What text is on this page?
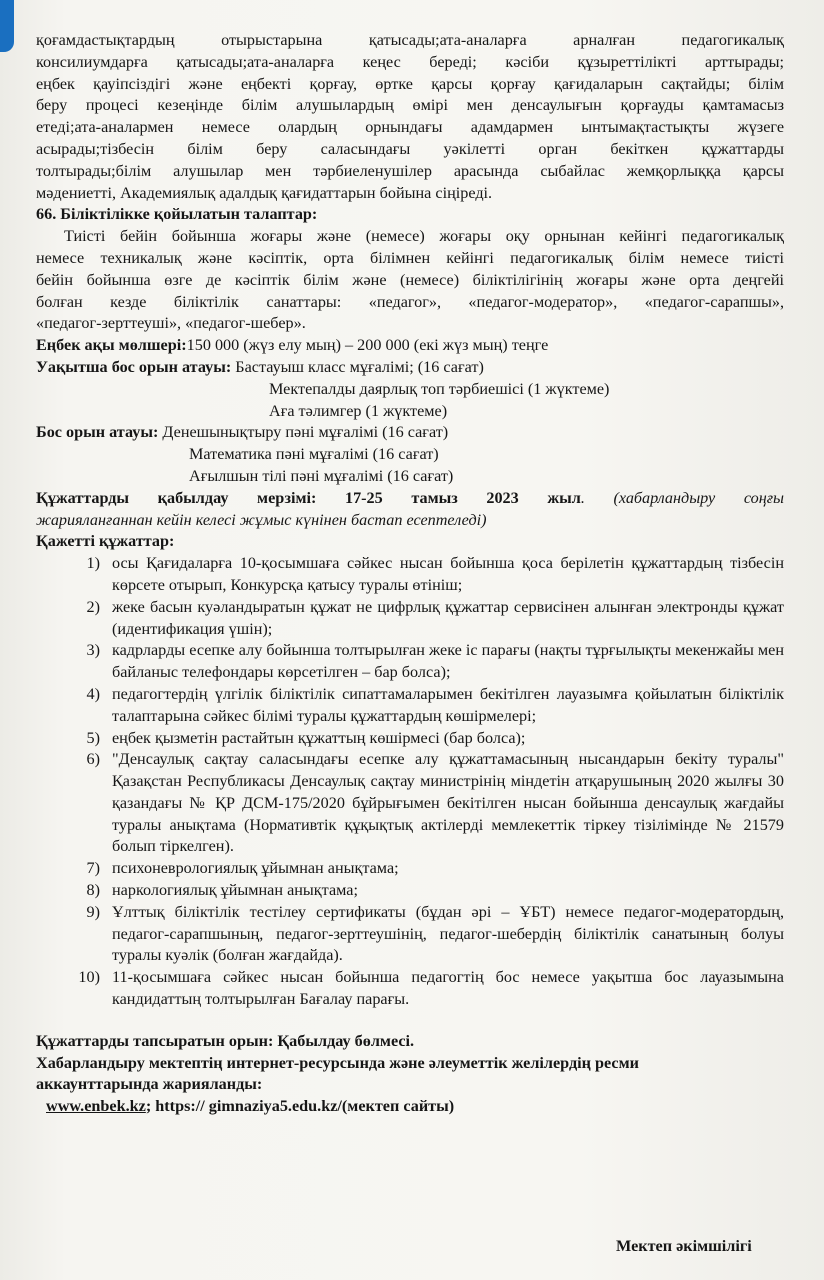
қоғамдастықтардың отырыстарына қатысады;ата-аналарға арналған педагогикалық

консилиумдарға қатысады;ата-аналарға кеңес береді; кәсіби құзыреттілікті арттырады;

еңбек қауіпсіздігі және еңбекті қорғау, өртке қарсы қорғау қағидаларын сақтайды; білім

беру процесі кезеңінде білім алушылардың өмірі мен денсаулығын қорғауды қамтамасыз

етеді;ата-аналармен немесе олардың орнындағы адамдармен ынтымақтастықты жүзеге

асырады;тізбесін білім беру саласындағы уәкілетті орган бекіткен құжаттарды

толтырады;білім алушылар мен тәрбиеленушілер арасында сыбайлас жемқорлыққа қарсы

мәдениетті, Академиялық адалдық қағидаттарын бойына сіңіреді.

66. Біліктілікке қойылатын талаптар:

Тиісті бейін бойынша жоғары және (немесе) жоғары оқу орнынан кейінгі педагогикалық

немесе техникалық және кәсіптік, орта білімнен кейінгі педагогикалық білім немесе тиісті

бейін бойынша өзге де кәсіптік білім және (немесе) біліктілігінің жоғары және орта деңгейі

болған кезде біліктілік санаттары: «педагог», «педагог-модератор», «педагог-сарапшы»,

«педагог-зерттеуші», «педагог-шебер».

Еңбек ақы мөлшері: 150 000 (жүз елу мың) – 200 000 (екі жүз мың) теңге

Уақытша бос орын атауы:
Бастауыш класс мұғалімі; (16 сағат)

Мектепалды даярлық топ тәрбиешісі (1 жүктеме)

Аға тәлимгер (1 жүктеме)

Бос орын атауы:
Денешынықтыру пәні мұғалімі (16 сағат)

Математика пәні мұғалімі (16 сағат)

Ағылшын тілі пәні мұғалімі (16 сағат)

Құжаттарды қабылдау мерзімі: 17-25 тамыз 2023 жыл. (хабарландыру соңғы

жарияланғаннан кейін келесі жұмыс күнінен бастап есептеледі)

Қажетті құжаттар:

1) осы Қағидаларға 10-қосымшаға сәйкес нысан бойынша қоса берілетін құжаттардың тізбесін көрсете отырып, Конкурсқа қатысу туралы өтініш;
2) жеке басын куәландыратын құжат не цифрлық құжаттар сервисінен алынған электронды құжат (идентификация үшін);
3) кадрларды есепке алу бойынша толтырылған жеке іс парағы (нақты тұрғылықты мекенжайы мен байланыс телефондары көрсетілген – бар болса);
4) педагогтердің үлгілік біліктілік сипаттамаларымен бекітілген лауазымға қойылатын біліктілік талаптарына сәйкес білімі туралы құжаттардың көшірмелері;
5) еңбек қызметін растайтын құжаттың көшірмесі (бар болса);
6) "Денсаулық сақтау саласындағы есепке алу құжаттамасының нысандарын бекіту туралы" Қазақстан Республикасы Денсаулық сақтау министрінің міндетін атқарушының 2020 жылғы 30 қазандағы № ҚР ДСМ-175/2020 бұйрығымен бекітілген нысан бойынша денсаулық жағдайы туралы анықтама (Нормативтік құқықтық актілерді мемлекеттік тіркеу тізілімінде № 21579 болып тіркелген).
7) психоневрологиялық ұйымнан анықтама;
8) наркологиялық ұйымнан анықтама;
9) Ұлттық біліктілік тестілеу сертификаты (бұдан әрі – ҰБТ) немесе педагог-модератордың, педагог-сарапшының, педагог-зерттеушінің, педагог-шебердің біліктілік санатының болуы туралы куәлік (болған жағдайда).
10) 11-қосымшаға сәйкес нысан бойынша педагогтің бос немесе уақытша бос лауазымына кандидаттың толтырылған Бағалау парағы.

Құжаттарды тапсыратын орын: Қабылдау бөлмесі.

Хабарландыру мектептің интернет-ресурсында және әлеуметтік желілердің ресми

аккаунттарында жарияланды:

www.enbek.kz; https:// gimnaziya5.edu.kz/(мектеп сайты)

Мектеп әкімшілігі
